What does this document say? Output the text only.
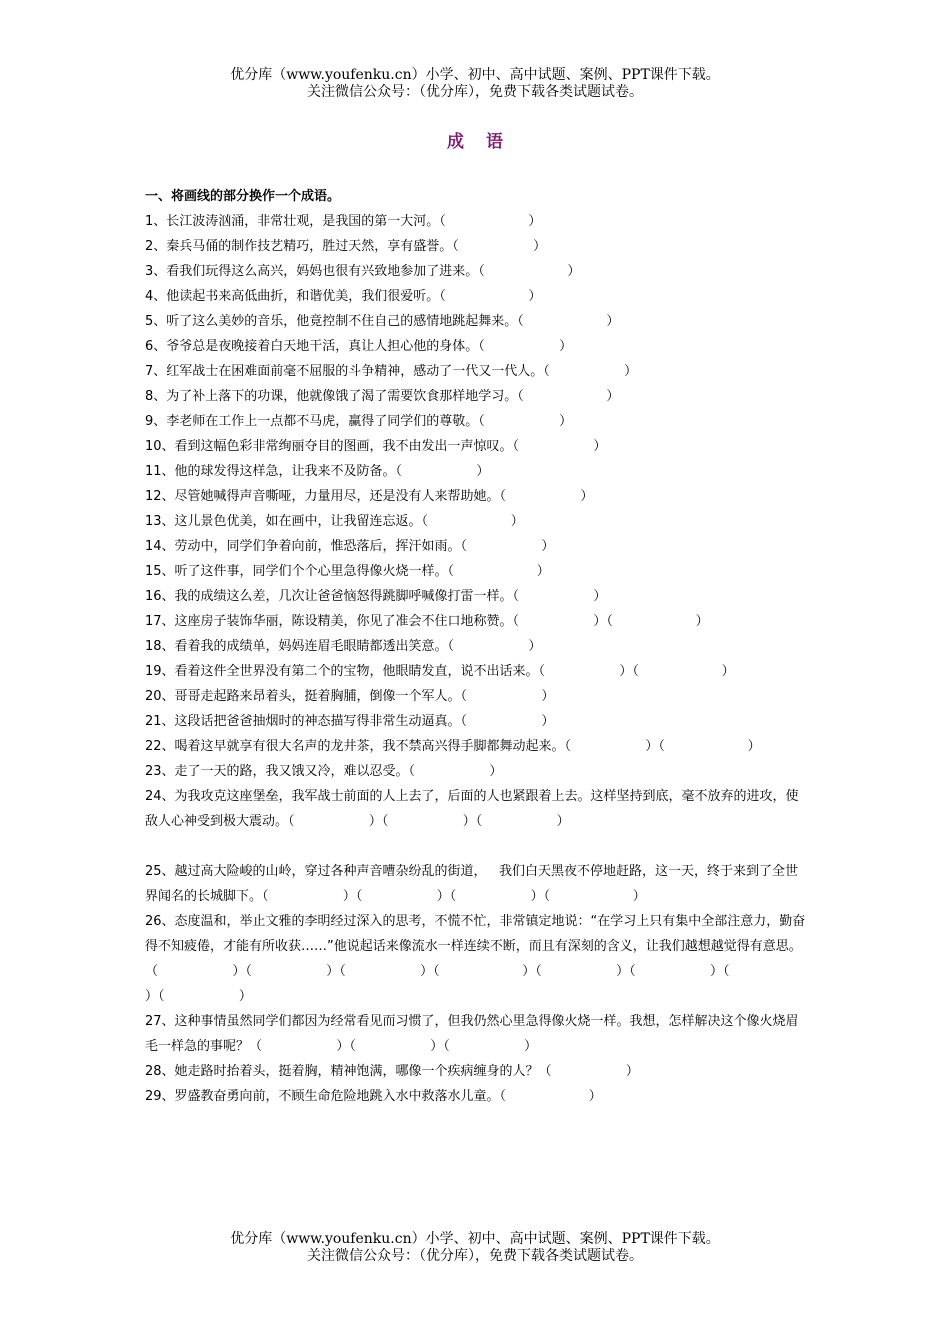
优分库（www.youfenku.cn）小学、初中、高中试题、案例、PPT课件下载。
关注微信公众号：（优分库），免费下载各类试题试卷。
成语
一、将画线的部分换作一个成语。
1、长江波涛汹涌，非常壮观，是我国的第一大河。（                    ）
2、秦兵马俑的制作技艺精巧，胜过天然，享有盛誉。（                  ）
3、看我们玩得这么高兴，妈妈也很有兴致地参加了进来。（                    ）
4、他读起书来高低曲折，和谐优美，我们很爱听。（                    ）
5、听了这么美妙的音乐，他竟控制不住自己的感情地跳起舞来。（                    ）
6、爷爷总是夜晚接着白天地干活，真让人担心他的身体。（                  ）
7、红军战士在困难面前毫不屈服的斗争精神，感动了一代又一代人。（                  ）
8、为了补上落下的功课，他就像饿了渴了需要饮食那样地学习。（                    ）
9、李老师在工作上一点都不马虎，赢得了同学们的尊敬。（                  ）
10、看到这幅色彩非常绚丽夺目的图画，我不由发出一声惊叹。（                  ）
11、他的球发得这样急，让我来不及防备。（                  ）
12、尽管她喊得声音嘶哑，力量用尽，还是没有人来帮助她。（                  ）
13、这儿景色优美，如在画中，让我留连忘返。（                    ）
14、劳动中，同学们争着向前，惟恐落后，挥汗如雨。（                  ）
15、听了这件事，同学们个个心里急得像火烧一样。（                    ）
16、我的成绩这么差，几次让爸爸恼怒得跳脚呼喊像打雷一样。（                  ）
17、这座房子装饰华丽，陈设精美，你见了准会不住口地称赞。（                  ）（                    ）
18、看着我的成绩单，妈妈连眉毛眼睛都透出笑意。（                  ）
19、看着这件全世界没有第二个的宝物，他眼睛发直，说不出话来。（                  ）（                    ）
20、哥哥走起路来昂着头，挺着胸脯，倒像一个军人。（                  ）
21、这段话把爸爸抽烟时的神态描写得非常生动逼真。（                  ）
22、喝着这早就享有很大名声的龙井茶，我不禁高兴得手脚都舞动起来。（                  ）（                    ）
23、走了一天的路，我又饿又冷，难以忍受。（                  ）
24、为我攻克这座堡垒，我军战士前面的人上去了，后面的人也紧跟着上去。这样坚持到底，毫不放弃的进攻，使敌人心神受到极大震动。（                  ）（                  ）（                  ）
25、越过高大险峻的山岭，穿过各种声音嘈杂纷乱的街道，   我们白天黑夜不停地赶路，这一天，终于来到了全世界闻名的长城脚下。（                  ）（                  ）（                  ）（                    ）
26、态度温和，举止文雅的李明经过深入的思考，不慌不忙，非常镇定地说：“在学习上只有集中全部注意力，勤奋得不知疲倦，才能有所收获……”他说起话来像流水一样连续不断，而且有深刻的含义，让我们越想越觉得有意思。（                  ）（                  ）（                  ）（                    ）（                  ）（                  ）（                  ）（                  ）
27、这种事情虽然同学们都因为经常看见而习惯了，但我仍然心里急得像火烧一样。我想，怎样解决这个像火烧眉毛一样急的事呢？（                  ）（                  ）（                  ）
28、她走路时抬着头，挺着胸，精神饱满，哪像一个疾病缠身的人？（                  ）
29、罗盛教奋勇向前，不顾生命危险地跳入水中救落水儿童。（                    ）
优分库（www.youfenku.cn）小学、初中、高中试题、案例、PPT课件下载。
关注微信公众号：（优分库），免费下载各类试题试卷。
